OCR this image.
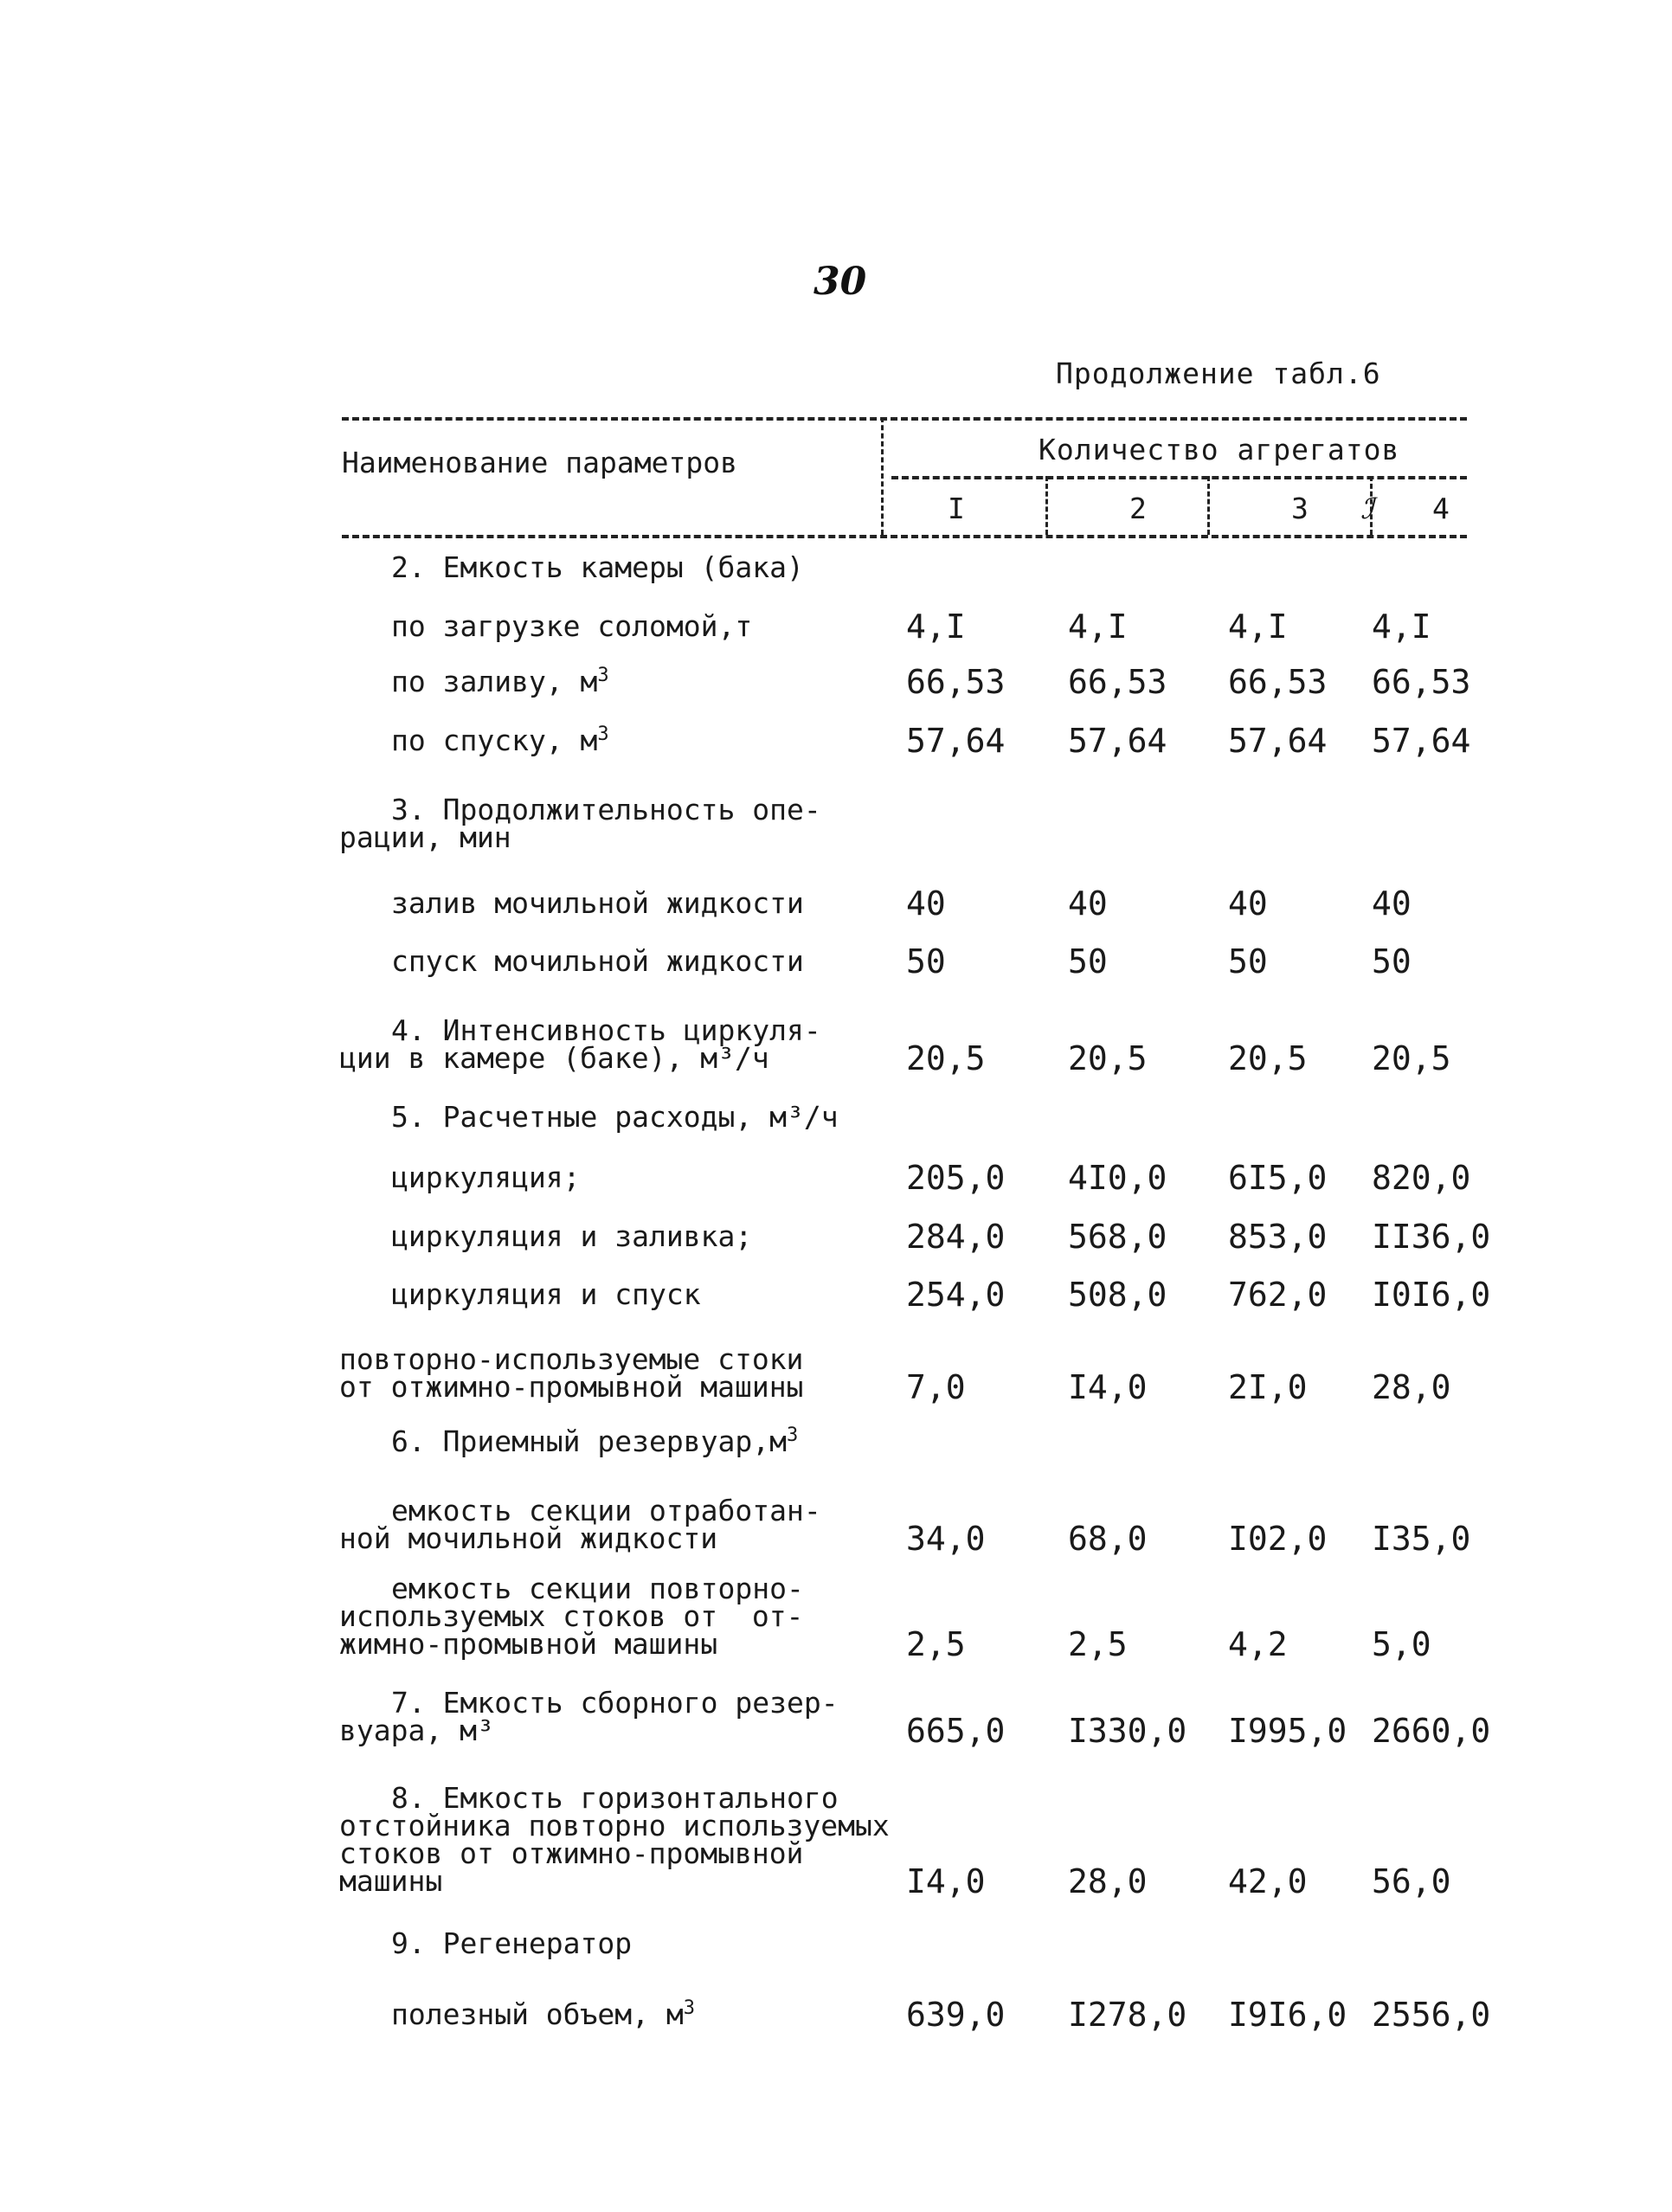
30
Продолжение табл.6
Наименование параметров	Количество агрегатов
I	2	3 ℐ 4
2. Емкость камеры (бака)
по загрузке соломой,т	4,I	4,I	4,I	4,I
по заливу, $м^3$	66,53 66,53 66,53 66,53
по спуску, $м^3$	57,64 57,64 57,64 57,64
3. Продолжительность опе-
рации, мин
залив мочильной жидкости	40	40	40	40
спуск мочильной жидкости	50	50	50	50
4. Интенсивность циркуля-
ции в камере (баке), м³/ч	20,5	20,5 20,5 20,5
5. Расчетные расходы, м³/ч
циркуляция;	205,0 4I0,0 6I5,0 820,0
циркуляция и заливка;	284,0 568,0 853,0 II36,0
циркуляция и спуск	254,0 508,0 762,0 I0I6,0
повторно-используемые стоки
от отжимно-промывной машины	7,0	I4,0 2I,0 28,0
6. Приемный $резервуар,м^3$
емкость секции отработан-
ной мочильной жидкости	34,0	68,0 I02,0 I35,0
емкость секции повторно-
используемых стоков от  от-
жимно-промывной машины	2,5	2,5	4,2	5,0
7. Емкость сборного резер-
вуара, м³	665,0 I330,0 I995,0 2660,0
8. Емкость горизонтального
отстойника повторно используемых
стоков от отжимно-промывной
машины	I4,0	28,0 42,0 56,0
9. Регенератор
полезный объем, $м^3$	639,0 I278,0 I9I6,0 2556,0
